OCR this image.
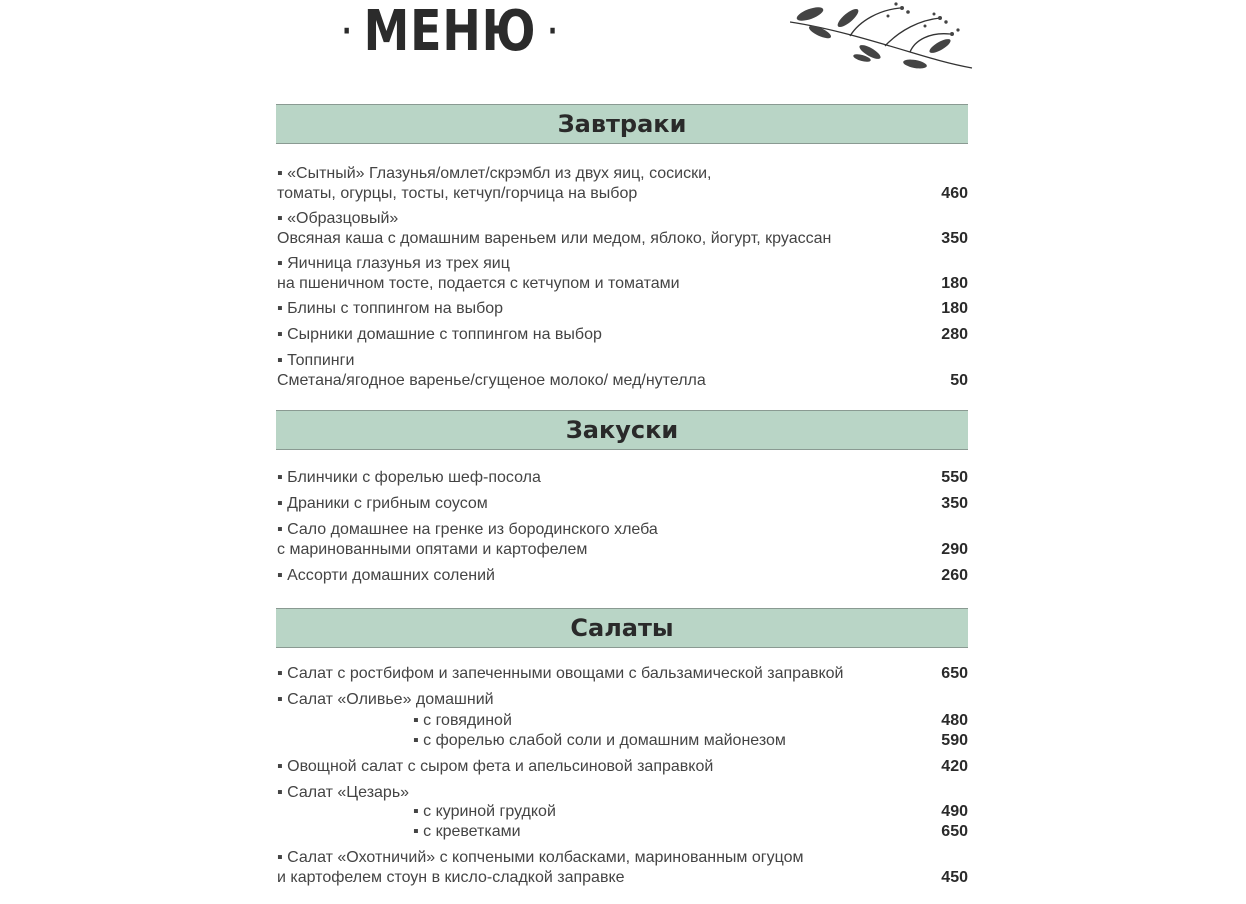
· МЕНЮ ·
Завтраки
▪ «Сытный» Глазунья/омлет/скрэмбл из двух яиц, сосиски,
томаты, огурцы, тосты, кетчуп/горчица на выбор	460
▪ «Образцовый»
Овсяная каша с домашним вареньем или медом, яблоко, йогурт, круассан	350
▪ Яичница глазунья из трех яиц
на пшеничном тосте, подается с кетчупом и томатами	180
▪ Блины с топпингом на выбор	180
▪ Сырники домашние с топпингом на выбор	280
▪ Топпинги
Сметана/ягодное варенье/сгущеное молоко/ мед/нутелла	50
Закуски
▪ Блинчики с форелью шеф-посола	550
▪ Драники с грибным соусом	350
▪ Сало домашнее на гренке из бородинского хлеба
с маринованными опятами и картофелем	290
▪ Ассорти домашних солений	260
Салаты
▪ Салат с ростбифом и запеченными овощами с бальзамической заправкой	650
▪ Салат «Оливье» домашний
▪ с говядиной	480
▪ с форелью слабой соли и домашним майонезом	590
▪ Овощной салат с сыром фета и апельсиновой заправкой	420
▪ Салат «Цезарь»
▪ с куриной грудкой	490
▪ с креветками	650
▪ Салат «Охотничий» с копчеными колбасками, маринованным огуцом
и картофелем стоун в кисло-сладкой заправке	450
